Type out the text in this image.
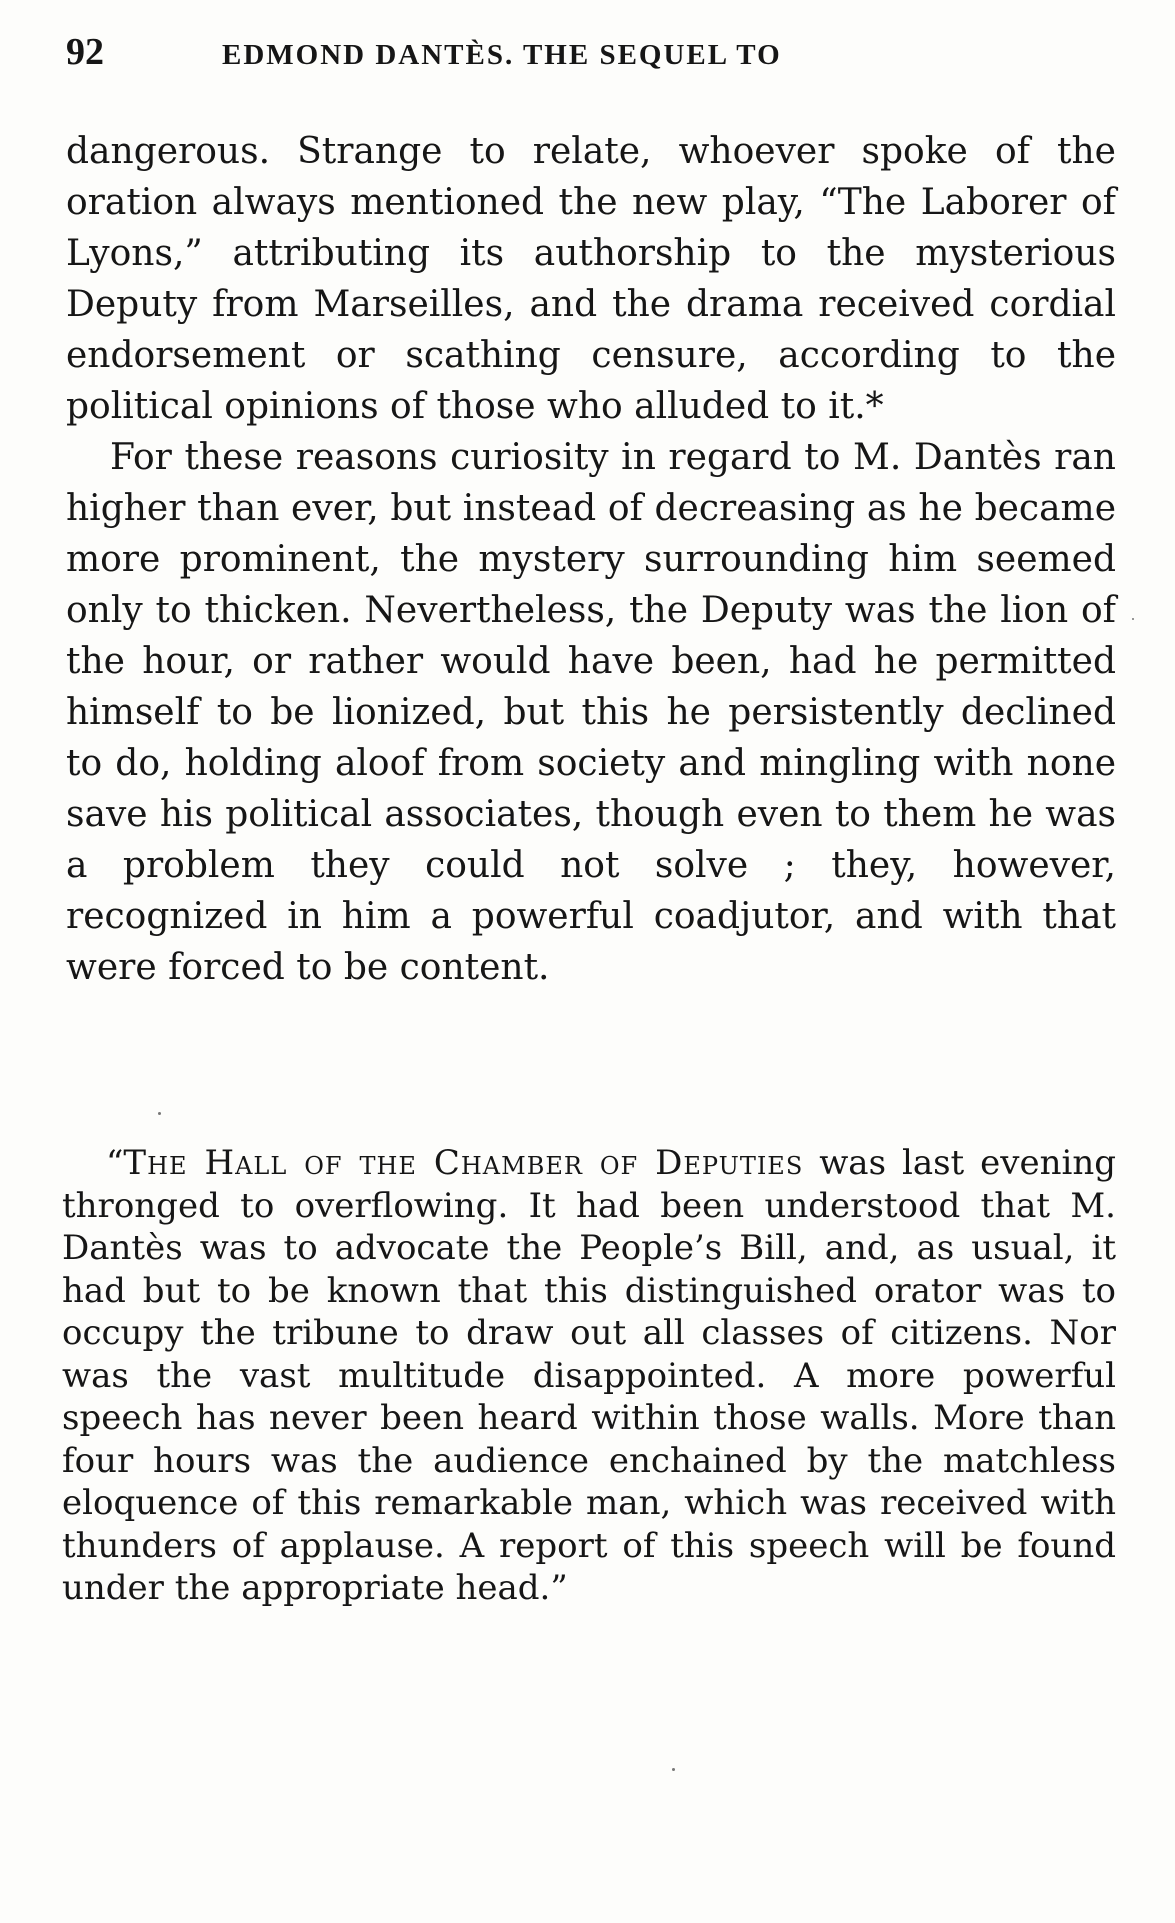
92	EDMOND DANTÈS. THE SEQUEL TO

dangerous. Strange to relate, whoever spoke of the oration always mentioned the new play, “The Laborer of Lyons,” attributing its authorship to the mysterious Deputy from Marseilles, and the drama received cordial endorsement or scathing censure, according to the political opinions of those who alluded to it.*

For these reasons curiosity in regard to M. Dantès ran higher than ever, but instead of decreasing as he became more prominent, the mystery surrounding him seemed only to thicken. Nevertheless, the Deputy was the lion of the hour, or rather would have been, had he permitted himself to be lionized, but this he persistently declined to do, holding aloof from society and mingling with none save his political associates, though even to them he was a problem they could not solve ; they, however, recognized in him a powerful coadjutor, and with that were forced to be content.

“The Hall of the Chamber of Deputies was last evening thronged to overflowing. It had been understood that M. Dantès was to advocate the People’s Bill, and, as usual, it had but to be known that this distinguished orator was to occupy the tribune to draw out all classes of citizens. Nor was the vast multitude disappointed. A more powerful speech has never been heard within those walls. More than four hours was the audience enchained by the matchless eloquence of this remarkable man, which was received with thunders of applause. A report of this speech will be found under the appropriate head.”
